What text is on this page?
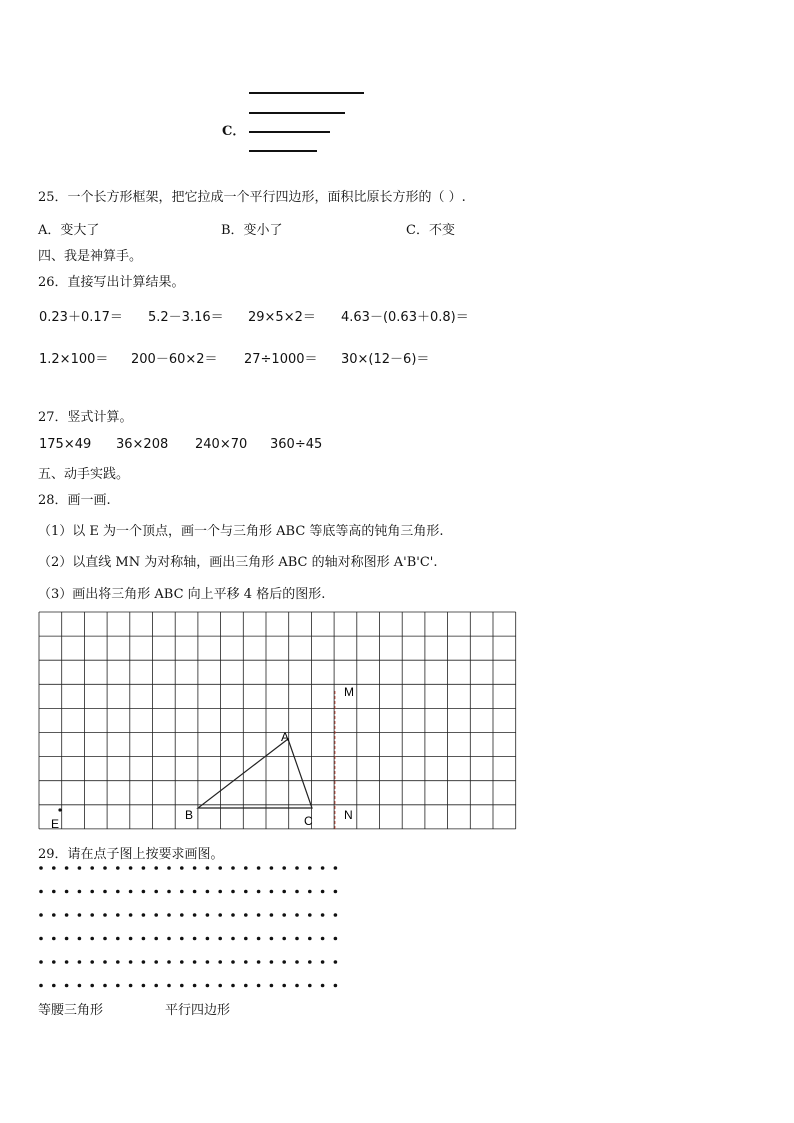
C．
25．一个长方形框架，把它拉成一个平行四边形，面积比原长方形的（ ）.
A．变大了	B．变小了	C．不变
四、我是神算手。
26．直接写出计算结果。
0.23＋0.17＝ 5.2－3.16＝ 29×5×2＝ 4.63－(0.63＋0.8)＝
1.2×100＝ 200－60×2＝ 27÷1000＝ 30×(12－6)＝
27．竖式计算。
175×49 36×208 240×70 360÷45
五、动手实践。
28．画一画.
（1）以 E 为一个顶点，画一个与三角形 ABC 等底等高的钝角三角形.
（2）以直线 MN 为对称轴，画出三角形 ABC 的轴对称图形 A'B'C'.
（3）画出将三角形 ABC 向上平移 4 格后的图形.
M
A
B	C	N
E
29．请在点子图上按要求画图。
等腰三角形	平行四边形
